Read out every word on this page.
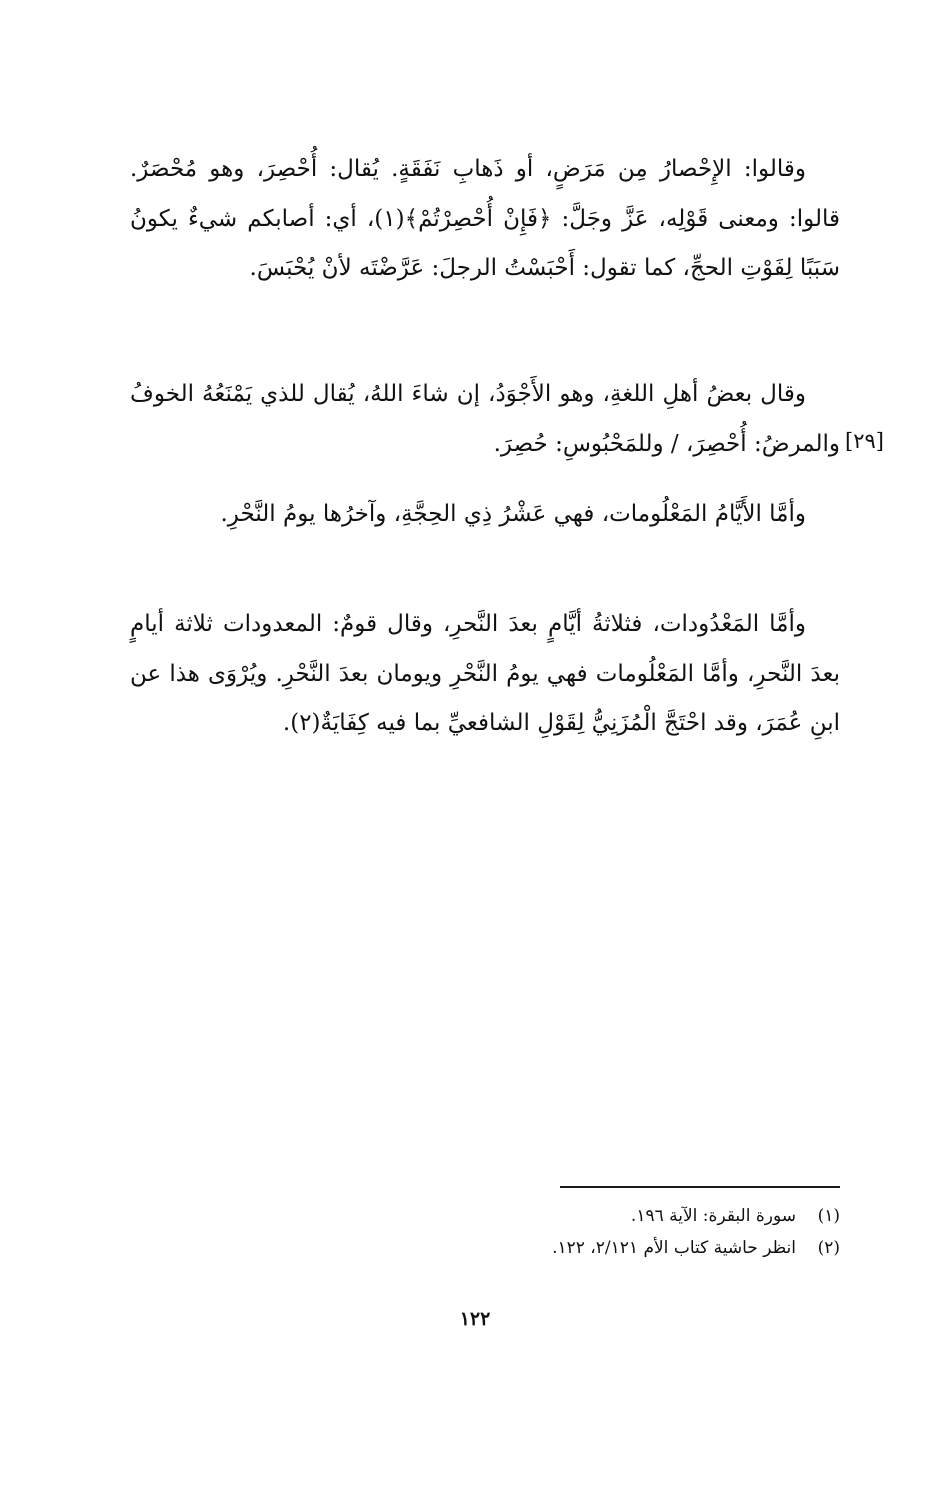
وقالوا: الإِحْصارُ مِن مَرَضٍ، أو ذَهابِ نَفَقَةٍ. يُقال: أُحْصِرَ، وهو مُحْصَرٌ. قالوا: ومعنى قَوْلِه، عَزَّ وجَلَّ: ﴿فَإِنْ أُحْصِرْتُمْ﴾(١)، أي: أصابكم شيءٌ يكونُ سَبَبًا لِفَوْتِ الحجِّ، كما تقول: أَحْبَسْتُ الرجلَ: عَرَّضْتَه لأنْ يُحْبَسَ.

وقال بعضُ أهلِ اللغةِ، وهو الأَجْوَدُ، إن شاءَ اللهُ، يُقال للذي يَمْنَعُهُ الخوفُ والمرضُ: أُحْصِرَ، / وللمَحْبُوسِ: حُصِرَ. [٢٩]

وأمَّا الأَيَّامُ المَعْلُومات، فهي عَشْرُ ذِي الحِجَّةِ، وآخرُها يومُ النَّحْرِ.

وأمَّا المَعْدُودات، فثلاثةُ أيَّامٍ بعدَ النَّحرِ، وقال قومٌ: المعدودات ثلاثة أيامٍ بعدَ النَّحرِ، وأمَّا المَعْلُومات فهي يومُ النَّحْرِ ويومان بعدَ النَّحْرِ. ويُرْوَى هذا عن ابنِ عُمَرَ، وقد احْتَجَّ الْمُزَنِيُّ لِقَوْلِ الشافعيِّ بما فيه كِفَايَةٌ(٢).

(١)سورة البقرة: الآية ١٩٦.
(٢)انظر حاشية كتاب الأم ٢/١٢١، ١٢٢.
١٢٢
